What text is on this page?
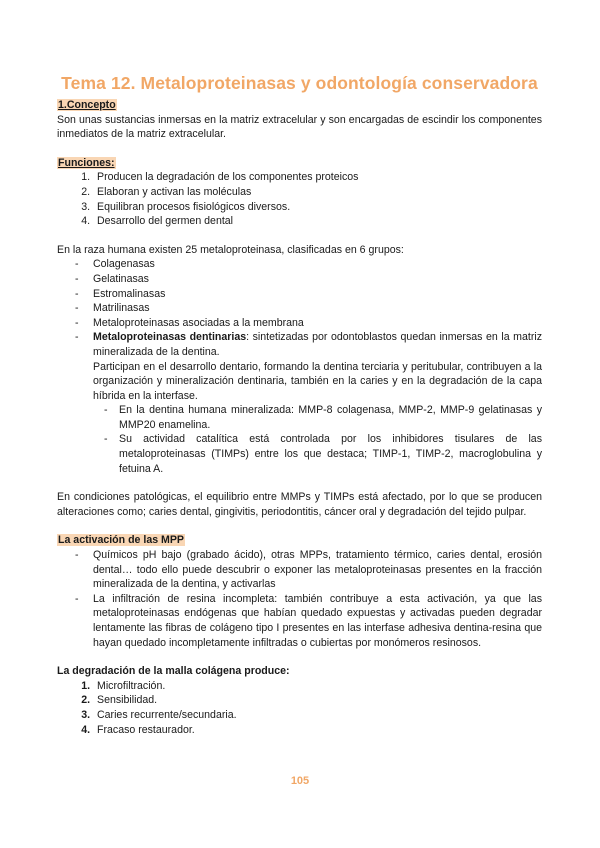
Tema 12. Metaloproteinasas y odontología conservadora
1.Concepto

Son unas sustancias inmersas en la matriz extracelular y son encargadas de escindir los componentes inmediatos de la matriz extracelular.

Funciones:
1. Producen la degradación de los componentes proteicos
2. Elaboran y activan las moléculas
3. Equilibran procesos fisiológicos diversos.
4. Desarrollo del germen dental

En la raza humana existen 25 metaloproteinasa, clasificadas en 6 grupos:

- Colagenasas
- Gelatinasas
- Estromalinasas
- Matrilinasas
- Metaloproteinasas asociadas a la membrana
- Metaloproteinasas dentinarias: sintetizadas por odontoblastos quedan inmersas en la matriz mineralizada de la dentina.
Participan en el desarrollo dentario, formando la dentina terciaria y peritubular, contribuyen a la organización y mineralización dentinaria, también en la caries y en la degradación de la capa híbrida en la interfase.
- En la dentina humana mineralizada: MMP-8 colagenasa, MMP-2, MMP-9 gelatinasas y MMP20 enamelina.
- Su actividad catalítica está controlada por los inhibidores tisulares de las metaloproteinasas (TIMPs) entre los que destaca; TIMP-1, TIMP-2, macroglobulina y fetuina A.

En condiciones patológicas, el equilibrio entre MMPs y TIMPs está afectado, por lo que se producen alteraciones como; caries dental, gingivitis, periodontitis, cáncer oral y degradación del tejido pulpar.

La activación de las MPP
- Químicos pH bajo (grabado ácido), otras MPPs, tratamiento térmico, caries dental, erosión dental… todo ello puede descubrir o exponer las metaloproteinasas presentes en la fracción mineralizada de la dentina, y activarlas
- La infiltración de resina incompleta: también contribuye a esta activación, ya que las metaloproteinasas endógenas que habían quedado expuestas y activadas pueden degradar lentamente las fibras de colágeno tipo I presentes en las interfase adhesiva dentina-resina que hayan quedado incompletamente infiltradas o cubiertas por monómeros resinosos.
La degradación de la malla colágena produce:
1. Microfiltración.
2. Sensibilidad.
3. Caries recurrente/secundaria.
4. Fracaso restaurador.
105
